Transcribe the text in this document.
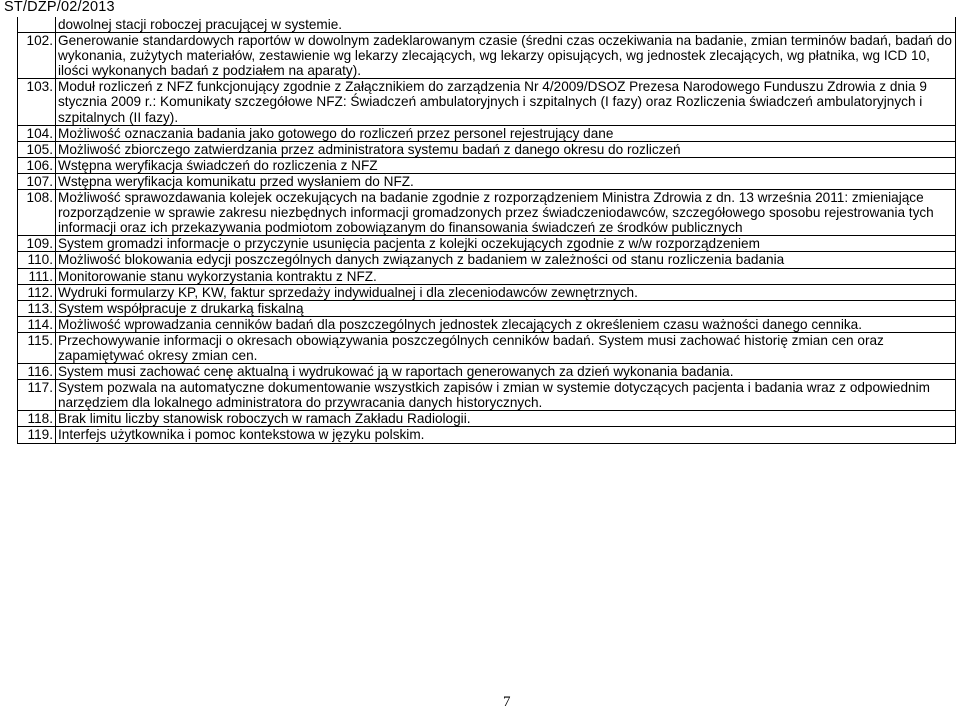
ST/DZP/02/2013
	dowolnej stacji roboczej pracującej w systemie.
102.	Generowanie standardowych raportów w dowolnym zadeklarowanym czasie (średni czas oczekiwania na badanie, zmian terminów badań, badań do wykonania, zużytych materiałów, zestawienie wg lekarzy zlecających, wg lekarzy opisujących, wg jednostek zlecających, wg płatnika, wg ICD 10, ilości wykonanych badań z podziałem na aparaty).
103.	Moduł rozliczeń z NFZ funkcjonujący zgodnie z Załącznikiem do zarządzenia Nr 4/2009/DSOZ Prezesa Narodowego Funduszu Zdrowia z dnia 9 stycznia 2009 r.: Komunikaty szczegółowe NFZ: Świadczeń ambulatoryjnych i szpitalnych (I fazy) oraz Rozliczenia świadczeń ambulatoryjnych i szpitalnych (II fazy).
104.	Możliwość oznaczania badania jako gotowego do rozliczeń przez personel rejestrujący dane
105.	Możliwość zbiorczego zatwierdzania przez administratora systemu badań z danego okresu do rozliczeń
106.	Wstępna weryfikacja świadczeń do rozliczenia z NFZ
107.	Wstępna weryfikacja komunikatu przed wysłaniem do NFZ.
108.	Możliwość sprawozdawania kolejek oczekujących na badanie zgodnie z rozporządzeniem Ministra Zdrowia z dn. 13 września 2011: zmieniające rozporządzenie w sprawie zakresu niezbędnych informacji gromadzonych przez świadczeniodawców, szczegółowego sposobu rejestrowania tych informacji oraz ich przekazywania podmiotom zobowiązanym do finansowania świadczeń ze środków publicznych
109.	System gromadzi informacje o przyczynie usunięcia pacjenta z kolejki oczekujących zgodnie z w/w rozporządzeniem
110.	Możliwość blokowania edycji poszczególnych danych związanych z badaniem w zależności od stanu rozliczenia badania
111.	Monitorowanie stanu wykorzystania kontraktu z NFZ.
112.	Wydruki formularzy KP, KW, faktur sprzedaży indywidualnej i dla zleceniodawców zewnętrznych.
113.	System współpracuje z drukarką fiskalną
114.	Możliwość wprowadzania cenników badań dla poszczególnych jednostek zlecających z określeniem czasu ważności danego cennika.
115.	Przechowywanie informacji o okresach obowiązywania poszczególnych cenników badań. System musi zachować historię zmian cen oraz zapamiętywać okresy zmian cen.
116.	System musi zachować cenę aktualną i wydrukować ją w raportach generowanych za dzień wykonania badania.
117.	System pozwala na automatyczne dokumentowanie wszystkich zapisów i zmian w systemie dotyczących pacjenta i badania wraz z odpowiednim narzędziem dla lokalnego administratora do przywracania danych historycznych.
118.	Brak limitu liczby stanowisk roboczych w ramach Zakładu Radiologii.
119.	Interfejs użytkownika i pomoc kontekstowa w języku polskim.
7
